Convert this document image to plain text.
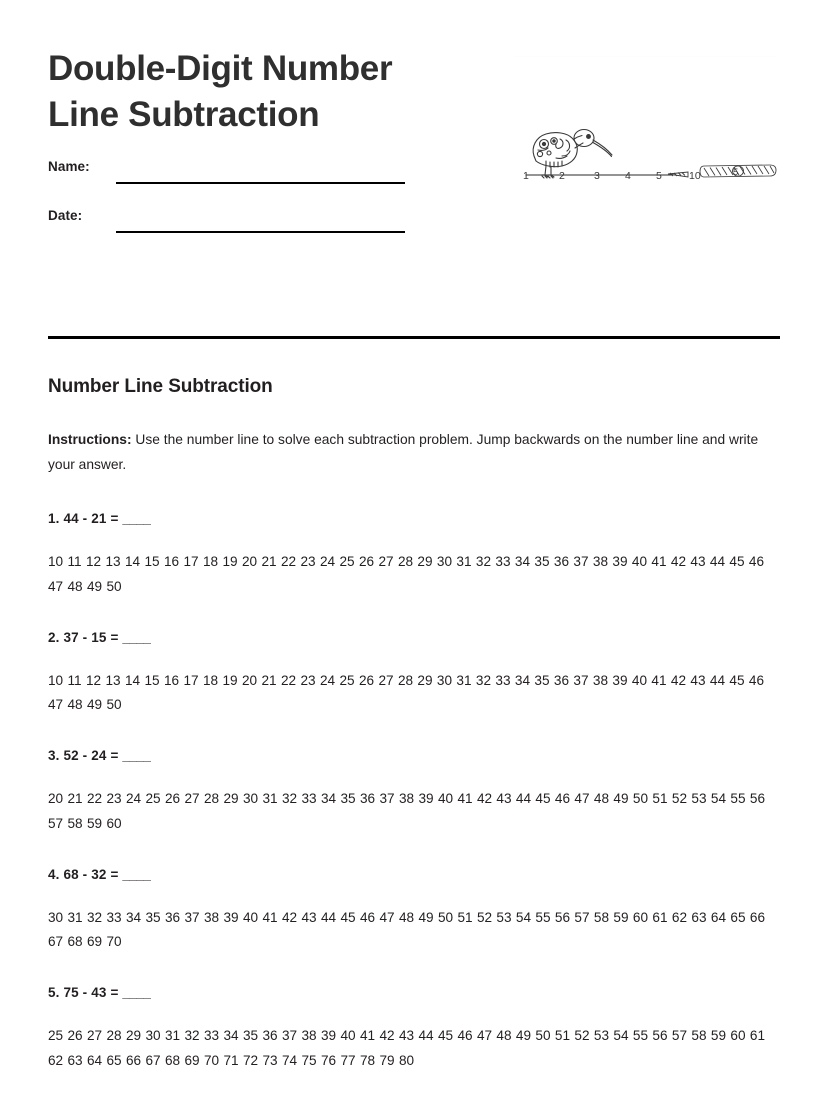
Double-Digit Number
Line Subtraction
Name:
Date:
1	2	3 4 5	10	5
Number Line Subtraction

Instructions: Use the number line to solve each subtraction problem. Jump backwards on the number line and write your answer.

1. 44 - 21 = ____

10 11 12 13 14 15 16 17 18 19 20 21 22 23 24 25 26 27 28 29 30 31 32 33 34 35 36 37 38 39 40 41 42 43 44 45 46 47 48 49 50

2. 37 - 15 = ____

10 11 12 13 14 15 16 17 18 19 20 21 22 23 24 25 26 27 28 29 30 31 32 33 34 35 36 37 38 39 40 41 42 43 44 45 46 47 48 49 50

3. 52 - 24 = ____

20 21 22 23 24 25 26 27 28 29 30 31 32 33 34 35 36 37 38 39 40 41 42 43 44 45 46 47 48 49 50 51 52 53 54 55 56 57 58 59 60

4. 68 - 32 = ____

30 31 32 33 34 35 36 37 38 39 40 41 42 43 44 45 46 47 48 49 50 51 52 53 54 55 56 57 58 59 60 61 62 63 64 65 66 67 68 69 70

5. 75 - 43 = ____

25 26 27 28 29 30 31 32 33 34 35 36 37 38 39 40 41 42 43 44 45 46 47 48 49 50 51 52 53 54 55 56 57 58 59 60 61 62 63 64 65 66 67 68 69 70 71 72 73 74 75 76 77 78 79 80
